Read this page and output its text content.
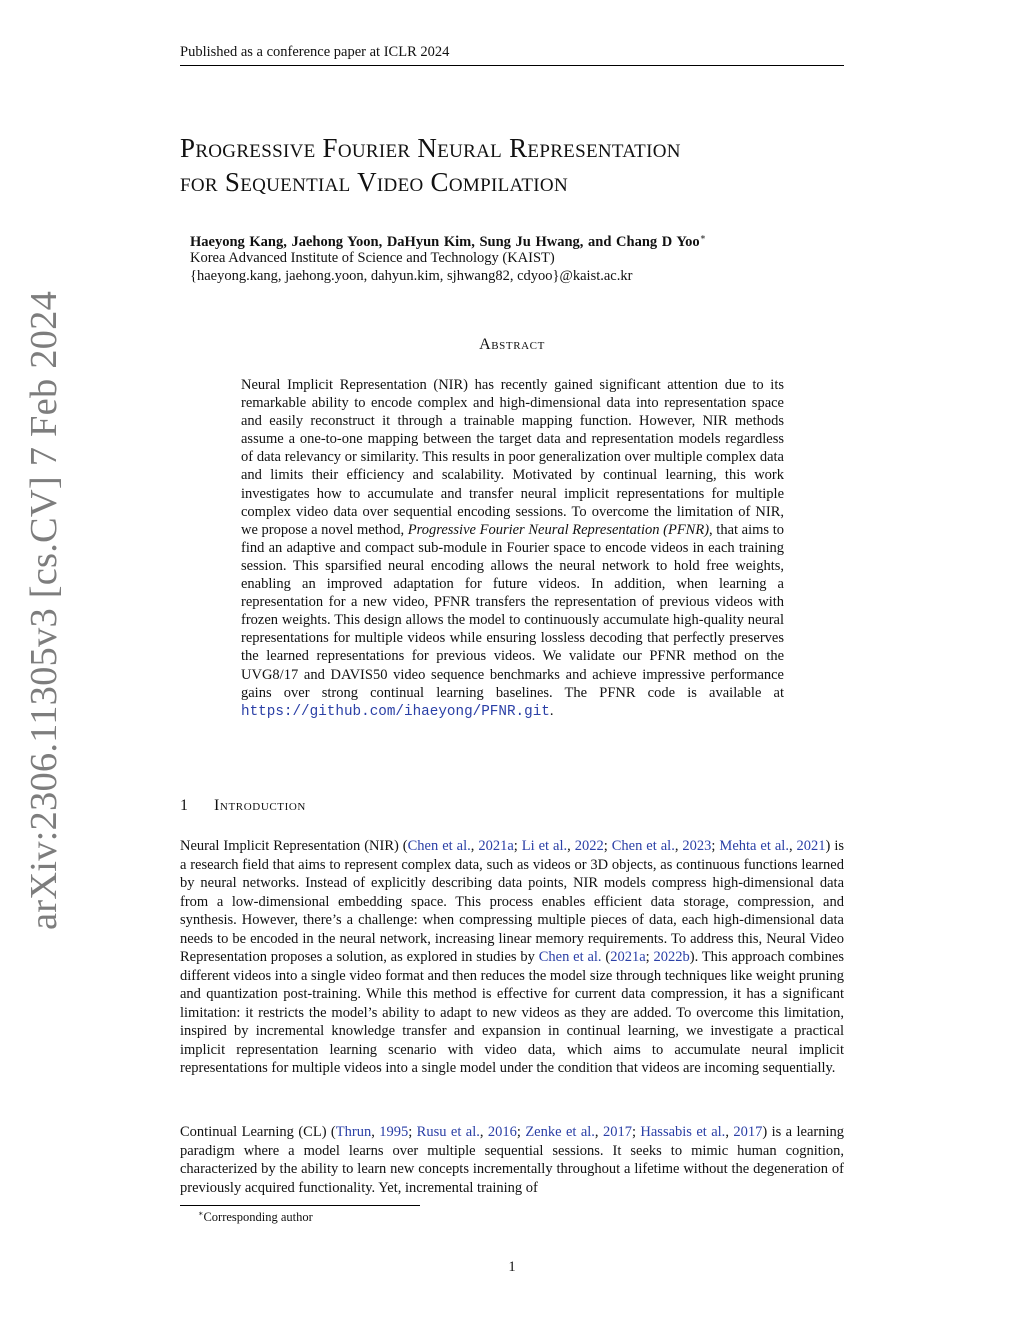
Published as a conference paper at ICLR 2024
arXiv:2306.11305v3 [cs.CV] 7 Feb 2024
Progressive Fourier Neural Representation
for Sequential Video Compilation
Haeyong Kang, Jaehong Yoon, DaHyun Kim, Sung Ju Hwang, and Chang D Yoo∗
Korea Advanced Institute of Science and Technology (KAIST)
{haeyong.kang, jaehong.yoon, dahyun.kim, sjhwang82, cdyoo}@kaist.ac.kr
Abstract
Neural Implicit Representation (NIR) has recently gained significant attention due to its remarkable ability to encode complex and high-dimensional data into representation space and easily reconstruct it through a trainable mapping function. However, NIR methods assume a one-to-one mapping between the target data and representation models regardless of data relevancy or similarity. This results in poor generalization over multiple complex data and limits their efficiency and scalability. Motivated by continual learning, this work investigates how to accumulate and transfer neural implicit representations for multiple complex video data over sequential encoding sessions. To overcome the limitation of NIR, we propose a novel method, Progressive Fourier Neural Representation (PFNR), that aims to find an adaptive and compact sub-module in Fourier space to encode videos in each training session. This sparsified neural encoding allows the neural network to hold free weights, enabling an improved adaptation for future videos. In addition, when learning a representation for a new video, PFNR transfers the representation of previous videos with frozen weights. This design allows the model to continuously accumulate high-quality neural representations for multiple videos while ensuring lossless decoding that perfectly preserves the learned representations for previous videos. We validate our PFNR method on the UVG8/17 and DAVIS50 video sequence benchmarks and achieve impressive performance gains over strong continual learning baselines. The PFNR code is available at https://github.com/ihaeyong/PFNR.git.
1 Introduction
Neural Implicit Representation (NIR) (Chen et al., 2021a; Li et al., 2022; Chen et al., 2023; Mehta et al., 2021) is a research field that aims to represent complex data, such as videos or 3D objects, as continuous functions learned by neural networks. Instead of explicitly describing data points, NIR models compress high-dimensional data from a low-dimensional embedding space. This process enables efficient data storage, compression, and synthesis. However, there’s a challenge: when compressing multiple pieces of data, each high-dimensional data needs to be encoded in the neural network, increasing linear memory requirements. To address this, Neural Video Representation proposes a solution, as explored in studies by Chen et al. (2021a; 2022b). This approach combines different videos into a single video format and then reduces the model size through techniques like weight pruning and quantization post-training. While this method is effective for current data compression, it has a significant limitation: it restricts the model’s ability to adapt to new videos as they are added. To overcome this limitation, inspired by incremental knowledge transfer and expansion in continual learning, we investigate a practical implicit representation learning scenario with video data, which aims to accumulate neural implicit representations for multiple videos into a single model under the condition that videos are incoming sequentially.
Continual Learning (CL) (Thrun, 1995; Rusu et al., 2016; Zenke et al., 2017; Hassabis et al., 2017) is a learning paradigm where a model learns over multiple sequential sessions. It seeks to mimic human cognition, characterized by the ability to learn new concepts incrementally throughout a lifetime without the degeneration of previously acquired functionality. Yet, incremental training of
∗Corresponding author
1
